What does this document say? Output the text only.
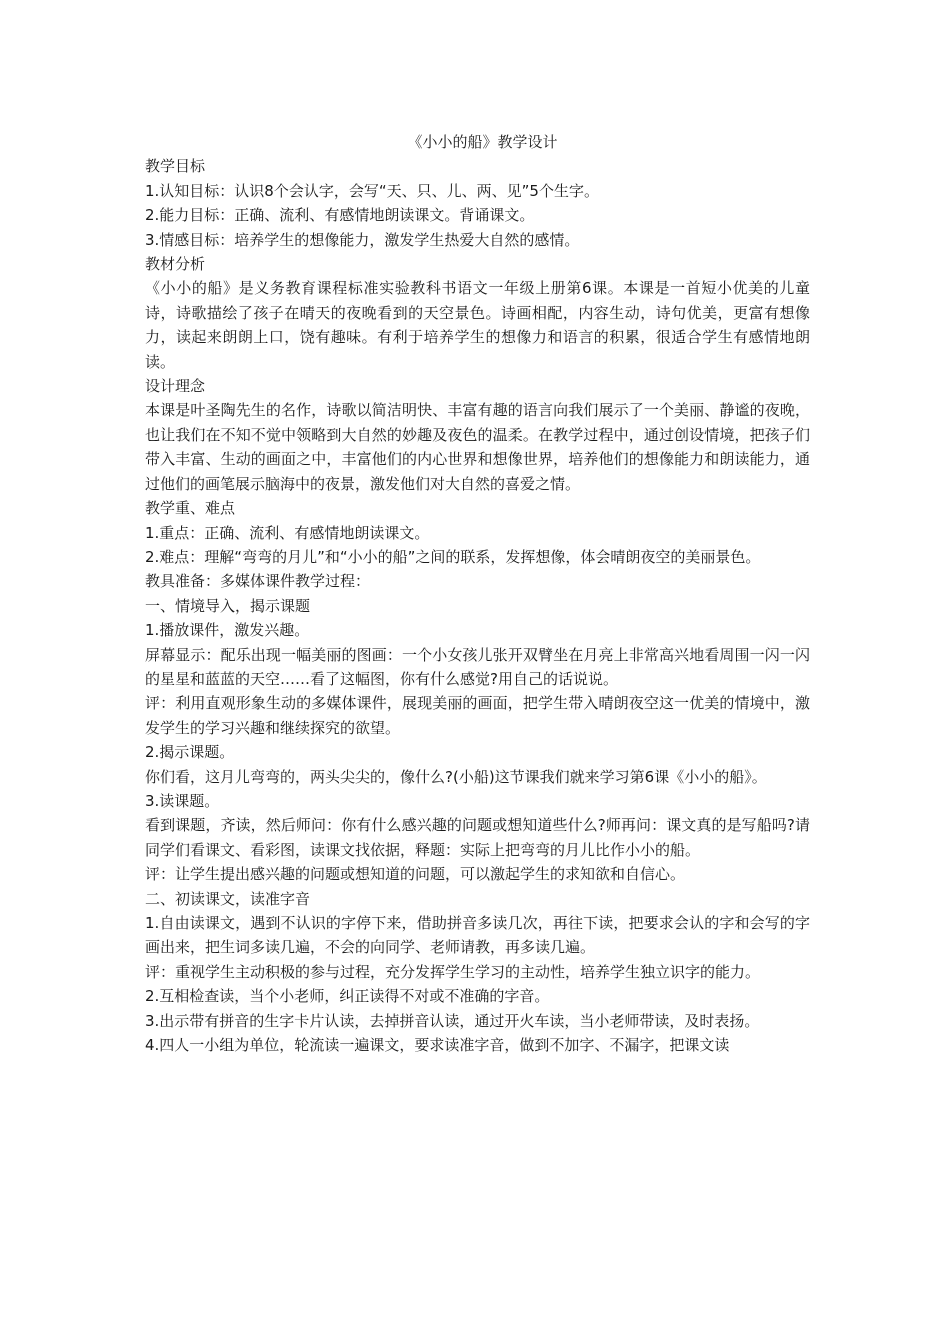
《小小的船》教学设计

教学目标

1.认知目标：认识8个会认字，会写“天、只、儿、两、见”5个生字。

2.能力目标：正确、流利、有感情地朗读课文。背诵课文。

3.情感目标：培养学生的想像能力，激发学生热爱大自然的感情。

教材分析

《小小的船》是义务教育课程标准实验教科书语文一年级上册第6课。本课是一首短小优美的儿童诗，诗歌描绘了孩子在晴天的夜晚看到的天空景色。诗画相配，内容生动，诗句优美，更富有想像力，读起来朗朗上口，饶有趣味。有利于培养学生的想像力和语言的积累，很适合学生有感情地朗读。

设计理念

本课是叶圣陶先生的名作，诗歌以简洁明快、丰富有趣的语言向我们展示了一个美丽、静谧的夜晚，也让我们在不知不觉中领略到大自然的妙趣及夜色的温柔。在教学过程中，通过创设情境，把孩子们带入丰富、生动的画面之中，丰富他们的内心世界和想像世界，培养他们的想像能力和朗读能力，通过他们的画笔展示脑海中的夜景，激发他们对大自然的喜爱之情。

教学重、难点

1.重点：正确、流利、有感情地朗读课文。

2.难点：理解“弯弯的月儿”和“小小的船”之间的联系，发挥想像，体会晴朗夜空的美丽景色。

教具准备：多媒体课件教学过程：

一、情境导入，揭示课题

1.播放课件，激发兴趣。

屏幕显示：配乐出现一幅美丽的图画：一个小女孩儿张开双臂坐在月亮上非常高兴地看周围一闪一闪的星星和蓝蓝的天空……看了这幅图，你有什么感觉?用自己的话说说。

评：利用直观形象生动的多媒体课件，展现美丽的画面，把学生带入晴朗夜空这一优美的情境中，激发学生的学习兴趣和继续探究的欲望。

2.揭示课题。

你们看，这月儿弯弯的，两头尖尖的，像什么?(小船)这节课我们就来学习第6课《小小的船》。

3.读课题。

看到课题，齐读，然后师问：你有什么感兴趣的问题或想知道些什么?师再问：课文真的是写船吗?请同学们看课文、看彩图，读课文找依据，释题：实际上把弯弯的月儿比作小小的船。

评：让学生提出感兴趣的问题或想知道的问题，可以激起学生的求知欲和自信心。

二、初读课文，读准字音

1.自由读课文，遇到不认识的字停下来，借助拼音多读几次，再往下读，把要求会认的字和会写的字画出来，把生词多读几遍，不会的向同学、老师请教，再多读几遍。

评：重视学生主动积极的参与过程，充分发挥学生学习的主动性，培养学生独立识字的能力。

2.互相检查读，当个小老师，纠正读得不对或不准确的字音。

3.出示带有拼音的生字卡片认读，去掉拼音认读，通过开火车读，当小老师带读，及时表扬。

4.四人一小组为单位，轮流读一遍课文，要求读准字音，做到不加字、不漏字，把课文读
